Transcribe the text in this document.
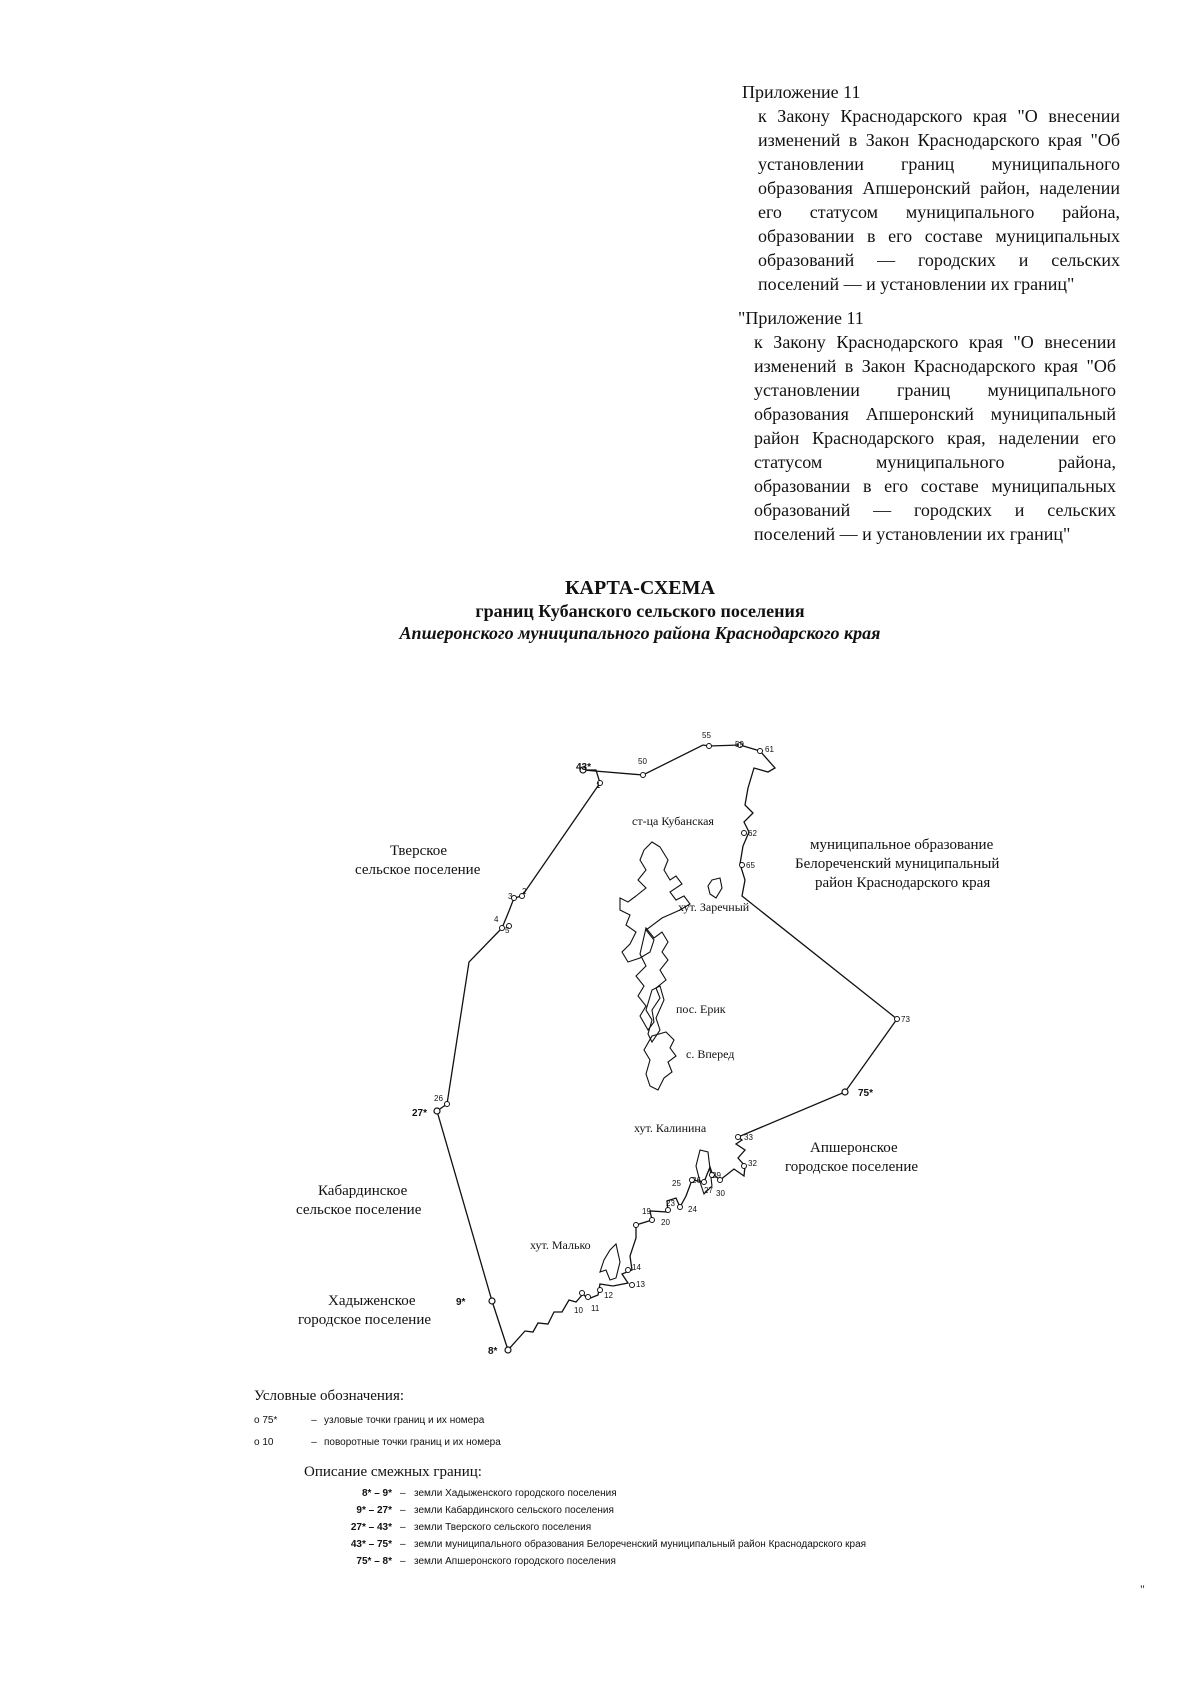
Приложение 11

к Закону Краснодарского края "О внесении изменений в Закон Краснодарского края "Об установлении границ муниципального образования Апшеронский район, наделении его статусом муниципального района, образовании в его составе муниципальных образований — городских и сельских поселений — и установлении их границ"

"Приложение 11

к Закону Краснодарского края "О внесении изменений в Закон Краснодарского края "Об установлении границ муниципального образования Апшеронский муниципальный район Краснодарского края, наделении его статусом муниципального района, образовании в его составе муниципальных образований — городских и сельских поселений — и установлении их границ"

КАРТА-СХЕМА
границ Кубанского сельского поселения
Апшеронского муниципального района Краснодарского края
1
2
3
4
5
10 11
12
13
14
19
20
23
24
25 26
27
29
30
32
33
50
55
59
61
62
65
73
26
8*
9*
27*
43*
75*
Тверское
сельское поселение
Кабардинское
сельское поселение
Хадыженское
городское поселение
муниципальное образование
Белореченский муниципальный
район Краснодарского края
Апшеронское
городское поселение
ст-ца Кубанская
хут. Заречный
пос. Ерик
с. Вперед
хут. Калинина
хут. Малько
Условные обозначения:
o 75*	– узловые точки границ и их номера
o 10	– поворотные точки границ и их номера
Описание смежных границ:
8* – 9* – земли Хадыженского городского поселения
9* – 27* – земли Кабардинского сельского поселения
27* – 43* – земли Тверского сельского поселения
43* – 75* – земли муниципального образования Белореченский муниципальный район Краснодарского края
75* – 8* – земли Апшеронского городского поселения
"
